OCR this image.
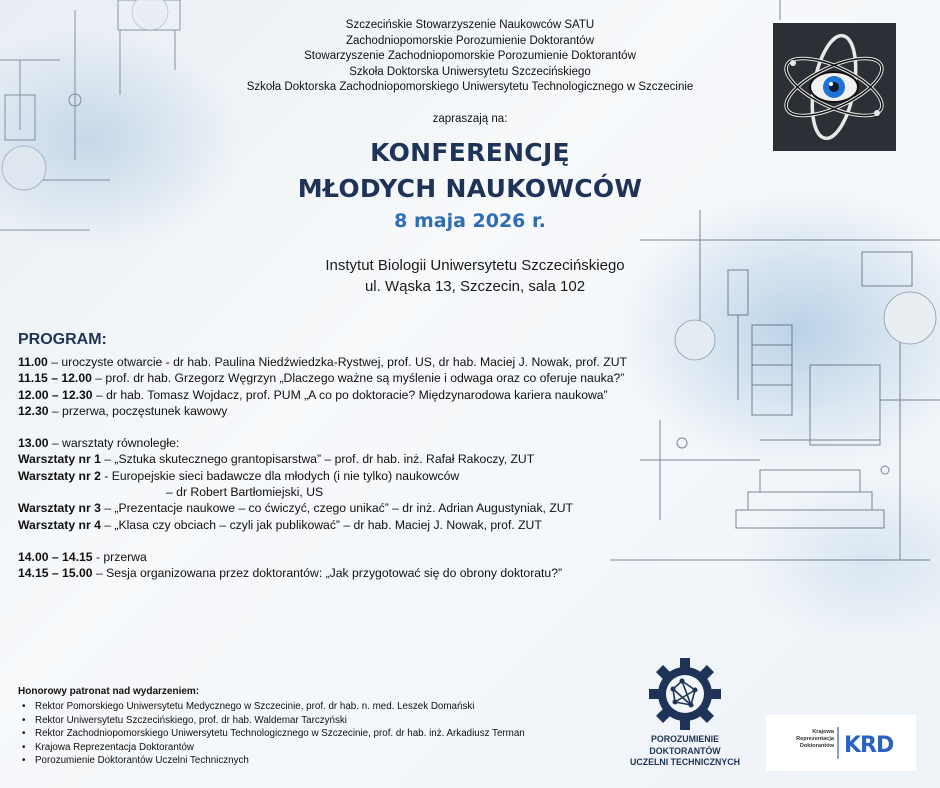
Szczecińskie Stowarzyszenie Naukowców SATU
Zachodniopomorskie Porozumienie Doktorantów
Stowarzyszenie Zachodniopomorskie Porozumienie Doktorantów
Szkoła Doktorska Uniwersytetu Szczecińskiego
Szkoła Doktorska Zachodniopomorskiego Uniwersytetu Technologicznego w Szczecinie
zapraszają na:
KONFERENCJĘ
MŁODYCH NAUKOWCÓW
8 maja 2026 r.
Instytut Biologii Uniwersytetu Szczecińskiego
ul. Wąska 13, Szczecin, sala 102
PROGRAM:

11.00 – uroczyste otwarcie - dr hab. Paulina Niedźwiedzka-Rystwej, prof. US, dr hab. Maciej J. Nowak, prof. ZUT

11.15 – 12.00 – prof. dr hab. Grzegorz Węgrzyn „Dlaczego ważne są myślenie i odwaga oraz co oferuje nauka?”

12.00 – 12.30 – dr hab. Tomasz Wojdacz, prof. PUM „A co po doktoracie? Międzynarodowa kariera naukowa”

12.30 – przerwa, poczęstunek kawowy

13.00 – warsztaty równoległe:

Warsztaty nr 1 – „Sztuka skutecznego grantopisarstwa” – prof. dr hab. inż. Rafał Rakoczy, ZUT

Warsztaty nr 2 - Europejskie sieci badawcze dla młodych (i nie tylko) naukowców

– dr Robert Bartłomiejski, US

Warsztaty nr 3 – „Prezentacje naukowe – co ćwiczyć, czego unikać” – dr inż. Adrian Augustyniak, ZUT

Warsztaty nr 4 – „Klasa czy obciach – czyli jak publikować” – dr hab. Maciej J. Nowak, prof. ZUT

14.00 – 14.15 - przerwa

14.15 – 15.00 – Sesja organizowana przez doktorantów: „Jak przygotować się do obrony doktoratu?”

Honorowy patronat nad wydarzeniem:
• Rektor Pomorskiego Uniwersytetu Medycznego w Szczecinie, prof. dr hab. n. med. Leszek Domański
• Rektor Uniwersytetu Szczecińskiego, prof. dr hab. Waldemar Tarczyński
• Rektor Zachodniopomorskiego Uniwersytetu Technologicznego w Szczecinie, prof. dr hab. inż. Arkadiusz Terman
• Krajowa Reprezentacja Doktorantów
• Porozumienie Doktorantów Uczelni Technicznych
POROZUMIENIE
DOKTORANTÓW
UCZELNI TECHNICZNYCH
Krajowa
Reprezentacja
Doktorantów KRD
